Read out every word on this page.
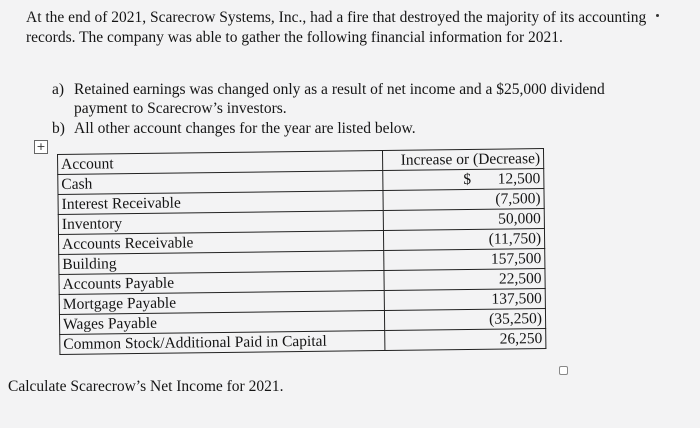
At the end of 2021, Scarecrow Systems, Inc., had a fire that destroyed the majority of its accounting records. The company was able to gather the following financial information for 2021.
a) Retained earnings was changed only as a result of net income and a $25,000 dividend
payment to Scarecrow’s investors.
b) All other account changes for the year are listed below.
+
Account	Increase or (Decrease)
Cash	$ 12,500
Interest Receivable	(7,500)
Inventory	50,000
Accounts Receivable	(11,750)
Building	157,500
Accounts Payable	22,500
Mortgage Payable	137,500
Wages Payable	(35,250)
Common Stock/Additional Paid in Capital	26,250
Calculate Scarecrow’s Net Income for 2021.
